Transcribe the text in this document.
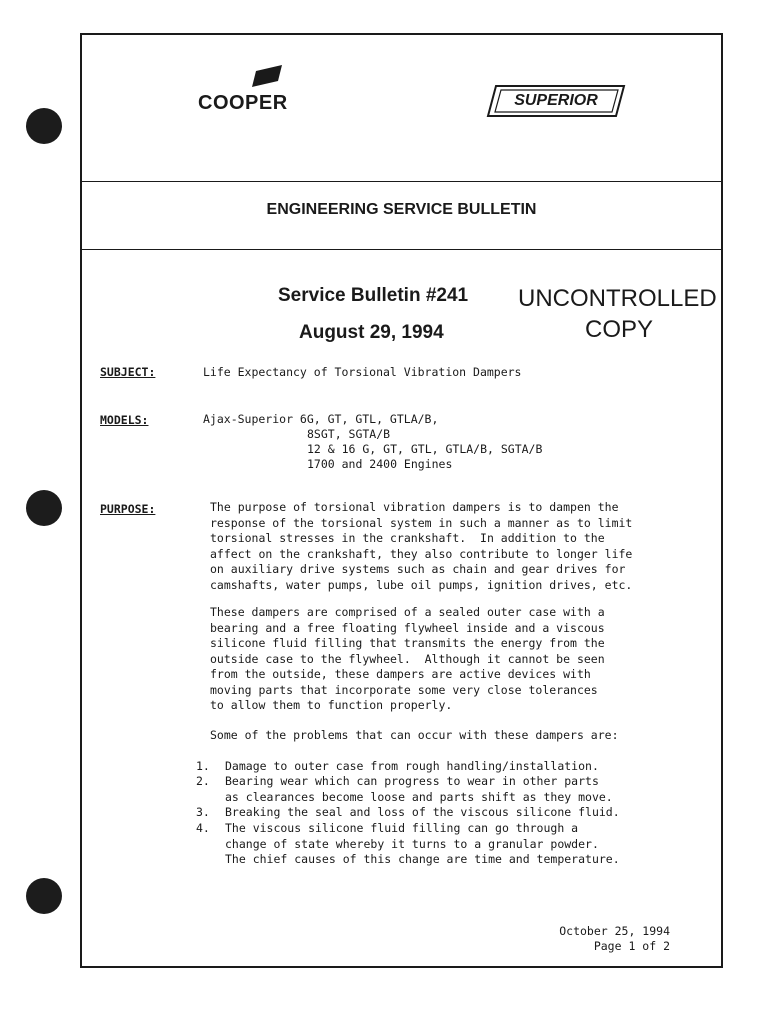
COOPER	SUPERIOR
ENGINEERING SERVICE BULLETIN
Service Bulletin #241
August 29, 1994
UNCONTROLLED
COPY
SUBJECT:	Life Expectancy of Torsional Vibration Dampers
MODELS:	Ajax-Superior 6G, GT, GTL, GTLA/B,
8SGT, SGTA/B
12 & 16 G, GT, GTL, GTLA/B, SGTA/B
1700 and 2400 Engines
PURPOSE:	The purpose of torsional vibration dampers is to dampen the
response of the torsional system in such a manner as to limit
torsional stresses in the crankshaft.  In addition to the
affect on the crankshaft, they also contribute to longer life
on auxiliary drive systems such as chain and gear drives for
camshafts, water pumps, lube oil pumps, ignition drives, etc.
These dampers are comprised of a sealed outer case with a
bearing and a free floating flywheel inside and a viscous
silicone fluid filling that transmits the energy from the
outside case to the flywheel.  Although it cannot be seen
from the outside, these dampers are active devices with
moving parts that incorporate some very close tolerances
to allow them to function properly.
Some of the problems that can occur with these dampers are:

1.

Damage to outer case from rough handling/installation.

2.

Bearing wear which can progress to wear in other parts
as clearances become loose and parts shift as they move.

3.

Breaking the seal and loss of the viscous silicone fluid.

4.

The viscous silicone fluid filling can go through a
change of state whereby it turns to a granular powder.
The chief causes of this change are time and temperature.

October 25, 1994
Page 1 of 2
